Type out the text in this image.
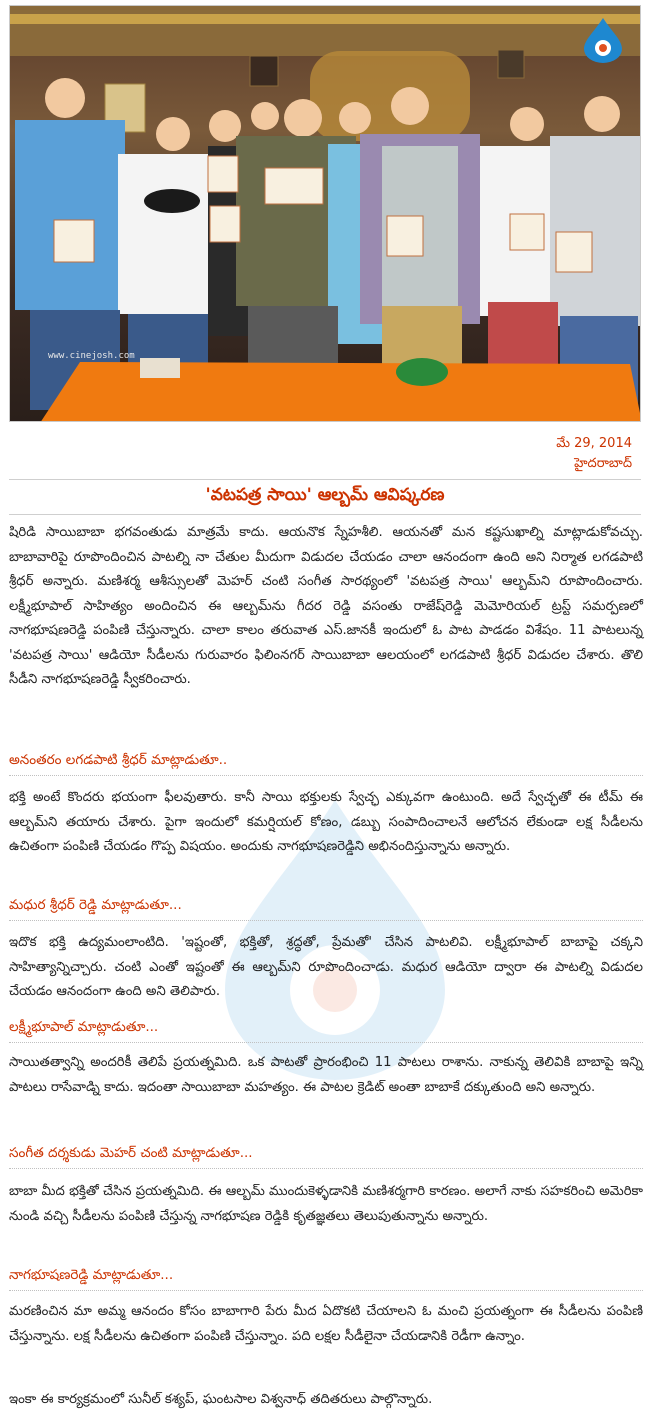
www.cinejosh.com
మే 29, 2014
హైదరాబాద్
'వటపత్ర సాయి' ఆల్బమ్ ఆవిష్కరణ
షిరిడి సాయిబాబా భగవంతుడు మాత్రమే కాదు. ఆయనొక స్నేహశీలి. ఆయనతో మన కష్టసుఖాల్ని మాట్లాడుకోవచ్చు. బాబావారిపై రూపొందించిన పాటల్ని నా చేతుల మీదుగా విడుదల చేయడం చాలా ఆనందంగా ఉంది అని నిర్మాత లగడపాటి శ్రీధర్ అన్నారు. మణిశర్మ ఆశీస్సులతో మెహర్ చంటి సంగీత సారథ్యంలో 'వటపత్ర సాయి' ఆల్బమ్‌ని రూపొందించారు. లక్ష్మీభూపాల్ సాహిత్యం అందించిన ఈ ఆల్బమ్‌ను గీదర రెడ్డి వసంతు రాజేష్‌రెడ్డి మెమోరియల్ ట్రస్ట్ సమర్పణలో నాగభూషణరెడ్డి పంపిణి చేస్తున్నారు. చాలా కాలం తరువాత ఎస్.జానకీ ఇందులో ఓ పాట పాడడం విశేషం. 11 పాటలున్న 'వటపత్ర సాయి' ఆడియో సీడీలను గురువారం ఫిలింనగర్ సాయిబాబా ఆలయంలో లగడపాటి శ్రీధర్ విడుదల చేశారు. తొలి సీడీని నాగభూషణరెడ్డి స్వీకరించారు.
అనంతరం లగడపాటి శ్రీధర్ మాట్లాడుతూ..
భక్తి అంటే కొందరు భయంగా ఫీలవుతారు. కానీ సాయి భక్తులకు స్వేచ్ఛ ఎక్కువగా ఉంటుంది. అదే స్వేచ్ఛతో ఈ టీమ్ ఈ ఆల్బమ్‌ని తయారు చేశారు. పైగా ఇందులో కమర్షియల్ కోణం, డబ్బు సంపాదించాలనే ఆలోచన లేకుండా లక్ష సీడీలను ఉచితంగా పంపిణి చేయడం గొప్ప విషయం. అందుకు నాగభూషణరెడ్డిని అభినందిస్తున్నాను అన్నారు.
మధుర శ్రీధర్ రెడ్డి మాట్లాడుతూ...
ఇదొక భక్తి ఉద్యమంలాంటిది. 'ఇష్టంతో, భక్తితో, శ్రద్ధతో, ప్రేమతో' చేసిన పాటలివి. లక్ష్మీభూపాల్ బాబాపై చక్కని సాహిత్యాన్నిచ్చారు. చంటి ఎంతో ఇష్టంతో ఈ ఆల్బమ్‌ని రూపొందించాడు. మధుర ఆడియో ద్వారా ఈ పాటల్ని విడుదల చేయడం ఆనందంగా ఉంది అని తెలిపారు.
లక్ష్మీభూపాల్ మాట్లాడుతూ...
సాయితత్వాన్ని అందరికీ తెలిపే ప్రయత్నమిది. ఒక పాటతో ప్రారంభించి 11 పాటలు రాశాను. నాకున్న తెలివికి బాబాపై ఇన్ని పాటలు రాసేవాడ్ని కాదు. ఇదంతా సాయిబాబా మహత్యం. ఈ పాటల క్రెడిట్ అంతా బాబాకే దక్కుతుంది అని అన్నారు.
సంగీత దర్శకుడు మెహర్ చంటి మాట్లాడుతూ...
బాబా మీద భక్తితో చేసిన ప్రయత్నమిది. ఈ ఆల్బమ్ ముందుకెళ్ళడానికి మణిశర్మగారి కారణం. అలాగే నాకు సహకరించి అమెరికా నుండి వచ్చి సీడీలను పంపిణి చేస్తున్న నాగభూషణ రెడ్డికి కృతజ్ఞతలు తెలుపుతున్నాను అన్నారు.
నాగభూషణరెడ్డి మాట్లాడుతూ...
మరణించిన మా అమ్మ ఆనందం కోసం బాబాగారి పేరు మీద ఏదొకటి చేయాలని ఓ మంచి ప్రయత్నంగా ఈ సీడీలను పంపిణి చేస్తున్నాను. లక్ష సీడీలను ఉచితంగా పంపిణి చేస్తున్నాం. పది లక్షల సీడీలైనా చేయడానికి రెడీగా ఉన్నాం.
ఇంకా ఈ కార్యక్రమంలో సునీల్ కశ్యప్, ఘంటసాల విశ్వనాధ్ తదితరులు పాల్గొన్నారు.
